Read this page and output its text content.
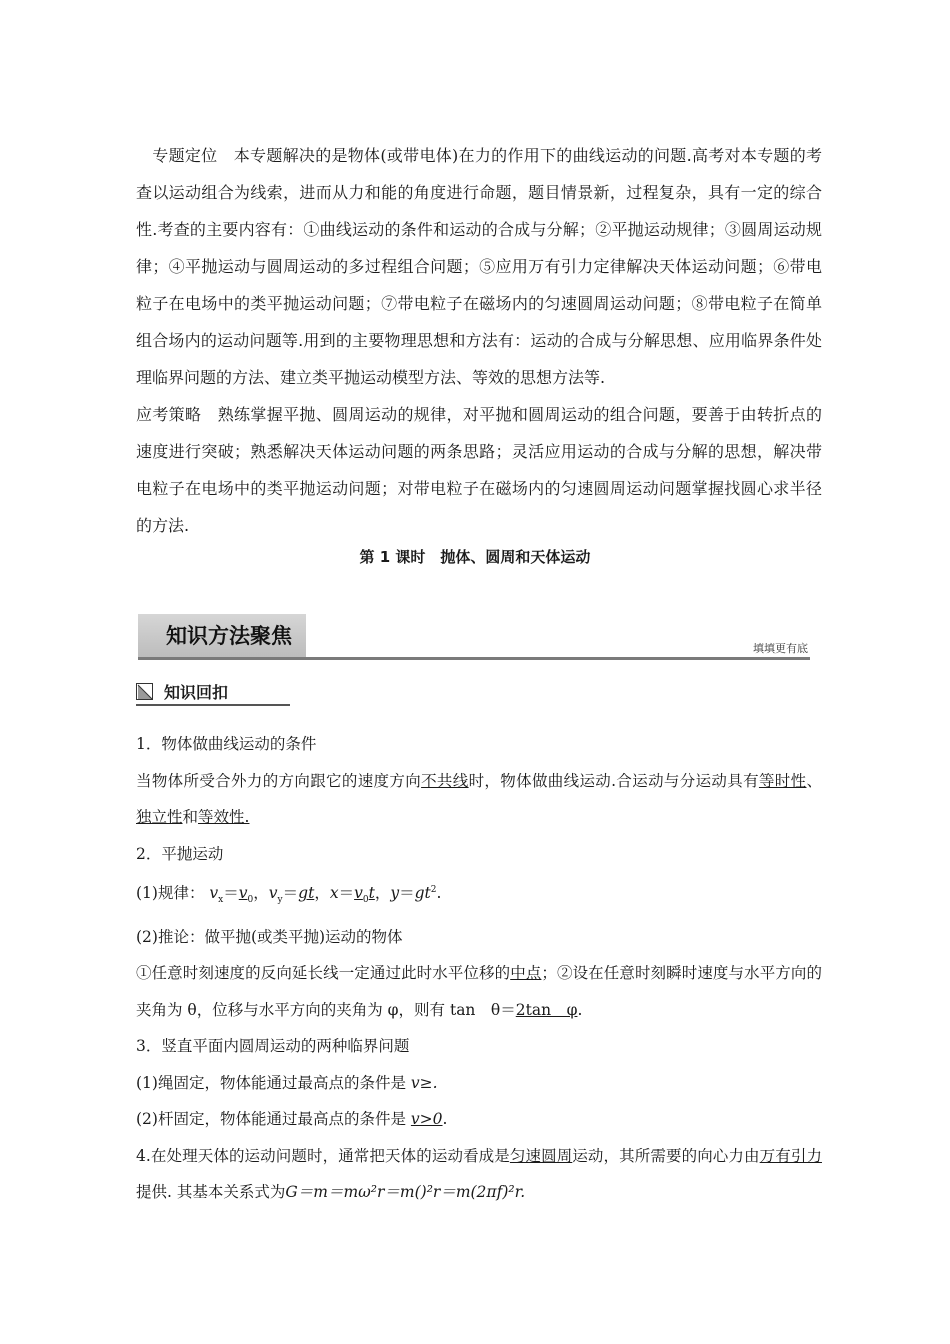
专题定位　 本专题解决的是物体(或带电体)在力的作用下的曲线运动的问题.高考对本专题的考查以运动组合为线索，进而从力和能的角度进行命题，题目情景新，过程复杂，具有一定的综合性.考查的主要内容有：①曲线运动的条件和运动的合成与分解；②平抛运动规律；③圆周运动规律；④平抛运动与圆周运动的多过程组合问题；⑤应用万有引力定律解决天体运动问题；⑥带电粒子在电场中的类平抛运动问题；⑦带电粒子在磁场内的匀速圆周运动问题；⑧带电粒子在简单组合场内的运动问题等.用到的主要物理思想和方法有：运动的合成与分解思想、应用临界条件处理临界问题的方法、建立类平抛运动模型方法、等效的思想方法等.

应考策略　 熟练掌握平抛、圆周运动的规律，对平抛和圆周运动的组合问题，要善于由转折点的速度进行突破；熟悉解决天体运动问题的两条思路；灵活应用运动的合成与分解的思想，解决带电粒子在电场中的类平抛运动问题；对带电粒子在磁场内的匀速圆周运动问题掌握找圆心求半径的方法.

第 1 课时　抛体、圆周和天体运动
知识方法聚焦
填填更有底
知识回扣

1．物体做曲线运动的条件

当物体所受合外力的方向跟它的速度方向不共线时，物体做曲线运动.合运动与分运动具有等时性、独立性和等效性.

2．平抛运动

(1)规律： $v_x=v_0$，$v_y=gt$，$x=v_0t$，$y=gt^2$.

(2)推论：做平抛(或类平抛)运动的物体

①任意时刻速度的反向延长线一定通过此时水平位移的中点；②设在任意时刻瞬时速度与水平方向的夹角为 θ，位移与水平方向的夹角为 φ，则有 tan　θ＝2tan　φ.

3．竖直平面内圆周运动的两种临界问题

(1)绳固定，物体能通过最高点的条件是 v≥.

(2)杆固定，物体能通过最高点的条件是 v>0.

4.在处理天体的运动问题时，通常把天体的运动看成是匀速圆周运动，其所需要的向心力由万有引力提供. 其基本关系式为G＝m＝mω²r＝m()²r＝m(2πf)²r.
